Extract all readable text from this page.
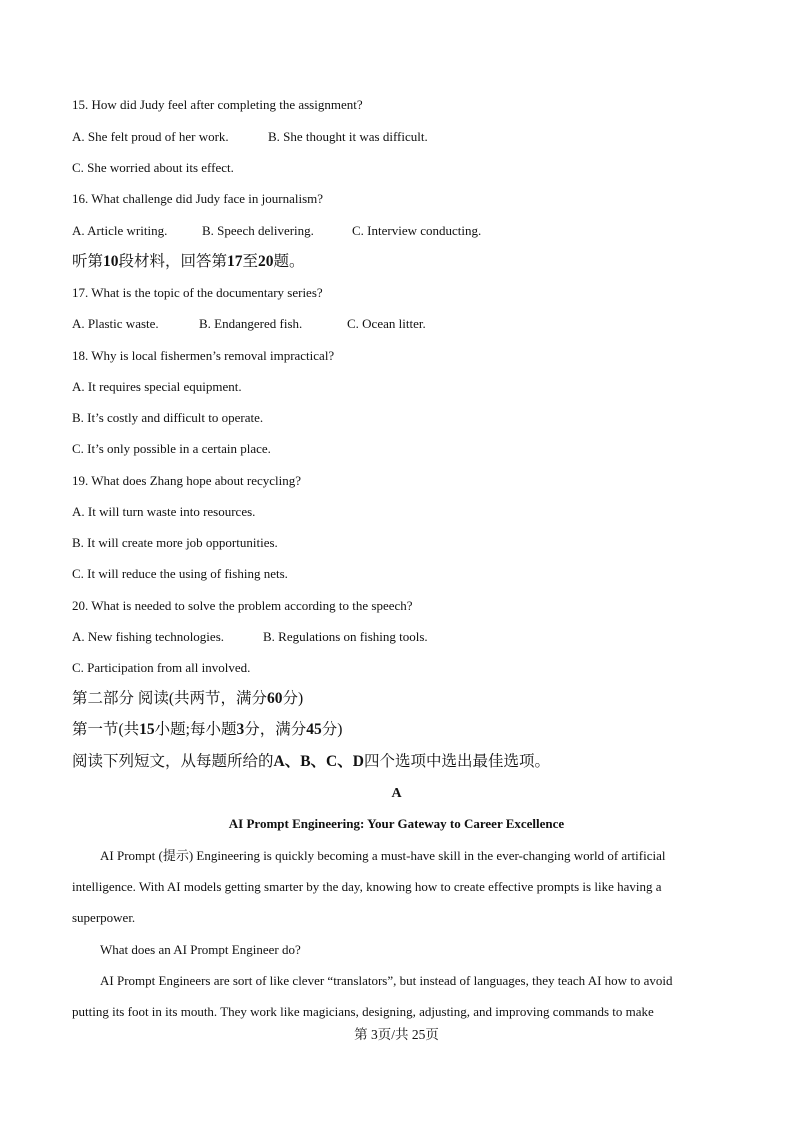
15. How did Judy feel after completing the assignment?
A. She felt proud of her work.	B. She thought it was difficult.
C. She worried about its effect.
16. What challenge did Judy face in journalism?
A. Article writing.	B. Speech delivering.	C. Interview conducting.
听第10段材料，回答第17至20题。
17. What is the topic of the documentary series?
A. Plastic waste.	B. Endangered fish.	C. Ocean litter.
18. Why is local fishermen’s removal impractical?
A. It requires special equipment.
B. It’s costly and difficult to operate.
C. It’s only possible in a certain place.
19. What does Zhang hope about recycling?
A. It will turn waste into resources.
B. It will create more job opportunities.
C. It will reduce the using of fishing nets.
20. What is needed to solve the problem according to the speech?
A. New fishing technologies.	B. Regulations on fishing tools.
C. Participation from all involved.
第二部分 阅读(共两节，满分60分)
第一节(共15小题;每小题3分，满分45分)
阅读下列短文，从每题所给的A、B、C、D四个选项中选出最佳选项。
A
AI Prompt Engineering: Your Gateway to Career Excellence
AI Prompt (提示) Engineering is quickly becoming a must-have skill in the ever-changing world of artificial
intelligence. With AI models getting smarter by the day, knowing how to create effective prompts is like having a
superpower.
What does an AI Prompt Engineer do?
AI Prompt Engineers are sort of like clever “translators”, but instead of languages, they teach AI how to avoid
putting its foot in its mouth. They work like magicians, designing, adjusting, and improving commands to make
第 3页/共 25页
